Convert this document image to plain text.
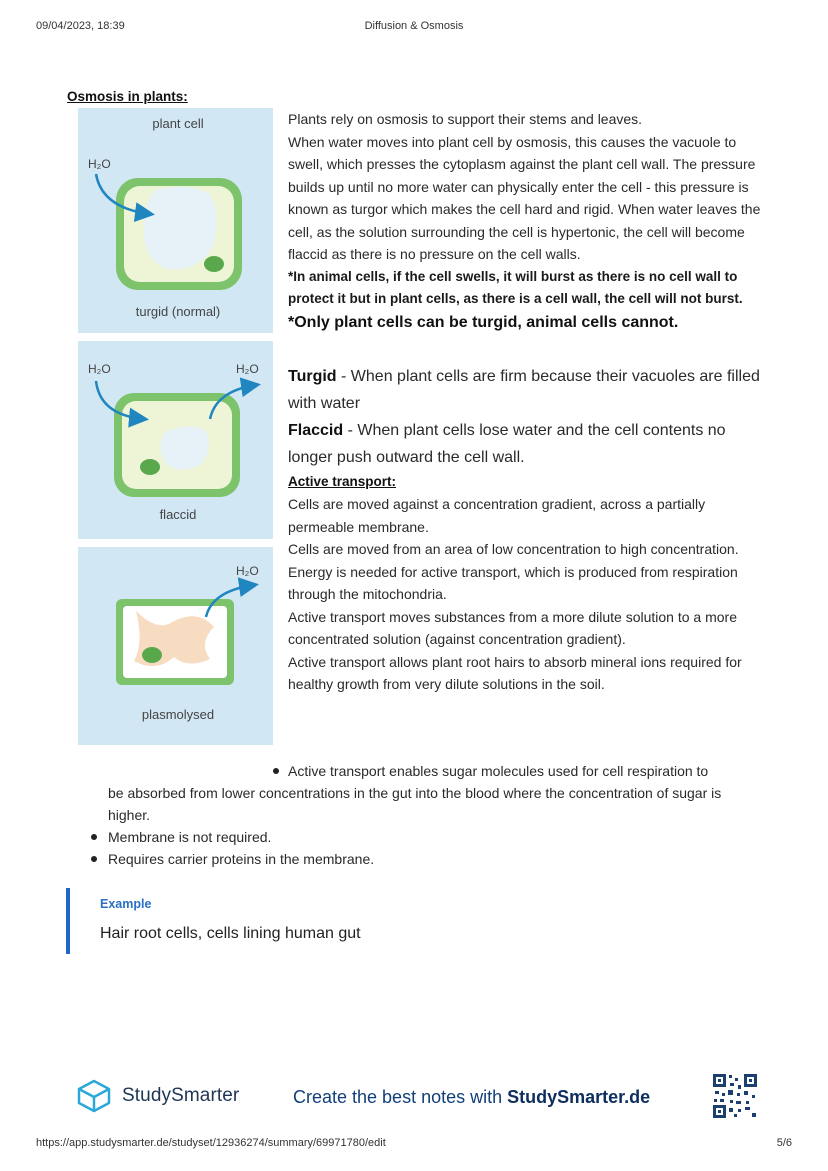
09/04/2023, 18:39	Diffusion & Osmosis
Osmosis in plants:
plant cell
H₂O
turgid (normal)
H₂O	H₂O
flaccid
H₂O
plasmolysed

Plants rely on osmosis to support their stems and leaves.

When water moves into plant cell by osmosis, this causes the vacuole to swell, which presses the cytoplasm against the plant cell wall. The pressure builds up until no more water can physically enter the cell - this pressure is known as turgor which makes the cell hard and rigid. When water leaves the cell, as the solution surrounding the cell is hypertonic, the cell will become flaccid as there is no pressure on the cell walls.

*In animal cells, if the cell swells, it will burst as there is no cell wall to protect it but in plant cells, as there is a cell wall, the cell will not burst.

*Only plant cells can be turgid, animal cells cannot.

Turgid - When plant cells are firm because their vacuoles are filled with water

Flaccid - When plant cells lose water and the cell contents no longer push outward the cell wall.

Active transport:

Cells are moved against a concentration gradient, across a partially permeable membrane.

Cells are moved from an area of low concentration to high concentration.

Energy is needed for active transport, which is produced from respiration through the mitochondria.

Active transport moves substances from a more dilute solution to a more concentrated solution (against concentration gradient).

Active transport allows plant root hairs to absorb mineral ions required for healthy growth from very dilute solutions in the soil.

Active transport enables sugar molecules used for cell respiration to
be absorbed from lower concentrations in the gut into the blood where the concentration of sugar is higher.
Membrane is not required.
Requires carrier proteins in the membrane.
Example
Hair root cells, cells lining human gut
StudySmarter	Create the best notes with StudySmarter.de
https://app.studysmarter.de/studyset/12936274/summary/69971780/edit	5/6
